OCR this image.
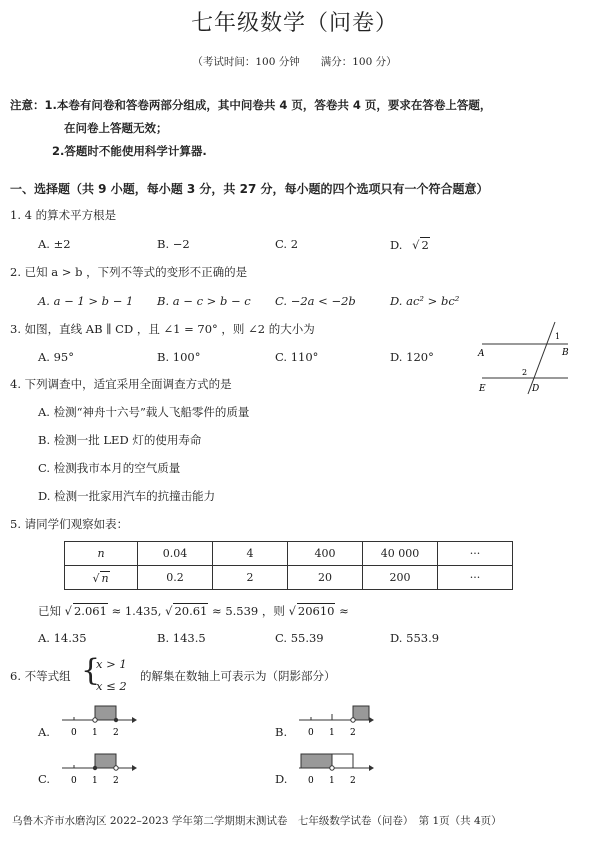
七年级数学（问卷）
（考试时间：100 分钟　　满分：100 分）
注意：1.本卷有问卷和答卷两部分组成，其中问卷共 4 页，答卷共 4 页，要求在答卷上答题，
在问卷上答题无效；
2.答题时不能使用科学计算器.
一、选择题（共 9 小题，每小题 3 分，共 27 分，每小题的四个选项只有一个符合题意）
1. 4 的算术平方根是
A. ±2	B. −2	C. 2	D. √ 2
2. 已知 a > b ，下列不等式的变形不正确的是
A. a − 1 > b − 1 B. a − c > b − c C. −2a < −2b	D. ac² > bc²
3. 如图，直线 AB ∥ CD ，且 ∠1 = 70° ，则 ∠2 的大小为
A. 95°	B. 100°	C. 110°	D. 120°	A	B
E	D
1
2
4. 下列调查中，适宜采用全面调查方式的是
A. 检测“神舟十六号”载人飞船零件的质量
B. 检测一批 LED 灯的使用寿命
C. 检测我市本月的空气质量
D. 检测一批家用汽车的抗撞击能力
5. 请同学们观察如表：
n	0.04	4	400	40 000	···
√ n	0.2	2	20	200	···
已知 √ 2.061 ≈ 1.435, √ 20.61 ≈ 5.539 ，则 √ 20610 ≈
A. 14.35	B. 143.5	C. 55.39	D. 553.9
6. 不等式组 {
x > 1
x ≤ 2
的解集在数轴上可表示为（阴影部分）
A. 0 1 2	B. 0 1 2
C. 0 1 2	D. 0 1 2
乌鲁木齐市水磨沟区 2022–2023 学年第二学期期末测试卷　七年级数学试卷（问卷）　第 1页（共 4页）
